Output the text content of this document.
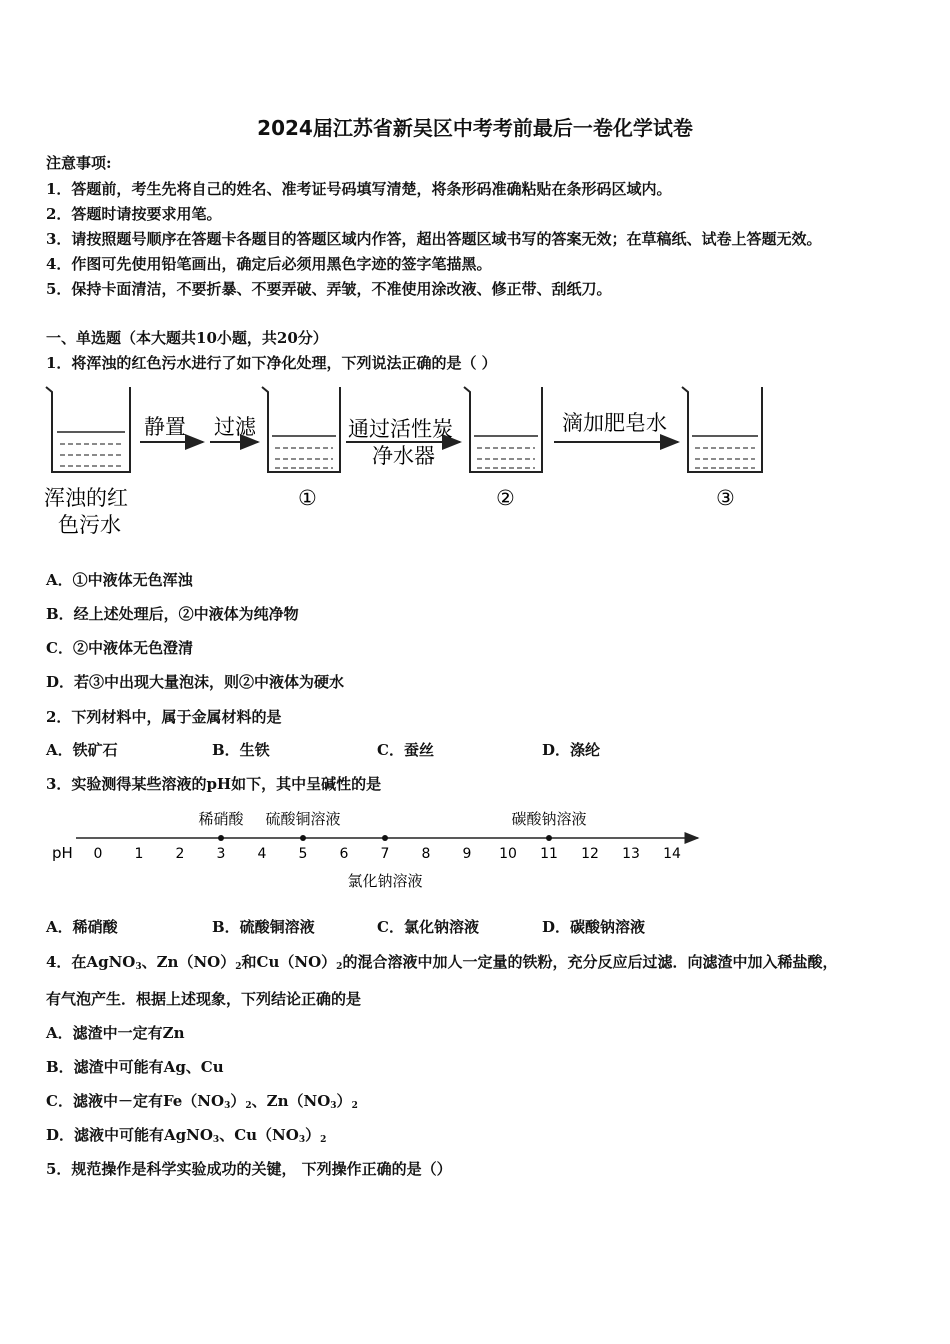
2024届江苏省新吴区中考考前最后一卷化学试卷
注意事项:
1．答题前，考生先将自己的姓名、准考证号码填写清楚，将条形码准确粘贴在条形码区域内。
2．答题时请按要求用笔。
3．请按照题号顺序在答题卡各题目的答题区域内作答，超出答题区域书写的答案无效；在草稿纸、试卷上答题无效。
4．作图可先使用铅笔画出，确定后必须用黑色字迹的签字笔描黑。
5．保持卡面清洁，不要折暴、不要弄破、弄皱，不准使用涂改液、修正带、刮纸刀。
一、单选题（本大题共10小题，共20分）
1．将浑浊的红色污水进行了如下净化处理，下列说法正确的是（ ）
静置 过滤	通过活性炭
净水器
滴加肥皂水
浑浊的红
色污水
①	②	③
A．①中液体无色浑浊
B．经上述处理后，②中液体为纯净物
C．②中液体无色澄清
D．若③中出现大量泡沫，则②中液体为硬水
2．下列材料中，属于金属材料的是
A．铁矿石	B．生铁	C．蚕丝	D．涤纶
3．实验测得某些溶液的pH如下，其中呈碱性的是
pH 0 1 2 3 4 5 6 7 8 9 10 11 12 13 14
稀硝酸 硫酸铜溶液
氯化钠溶液
碳酸钠溶液
A．稀硝酸	B．硫酸铜溶液	C．氯化钠溶液	D．碳酸钠溶液
4．在AgNO$_3$、$Zn(NO)_2$和$Cu(NO)_2$的混合溶液中加人一定量的铁粉，充分反应后过滤．向滤渣中加入稀盐酸，
有气泡产生．根据上述现象，下列结论正确的是
A．滤渣中一定有Zn
B．滤渣中可能有Ag、Cu
C．滤液中－定有$Fe(NO_3)_2$、$Zn(NO_3)_2$
D．滤液中可能有AgNO$_3$、$Cu(NO_3)_2$
5．规范操作是科学实验成功的关键， 下列操作正确的是（）
